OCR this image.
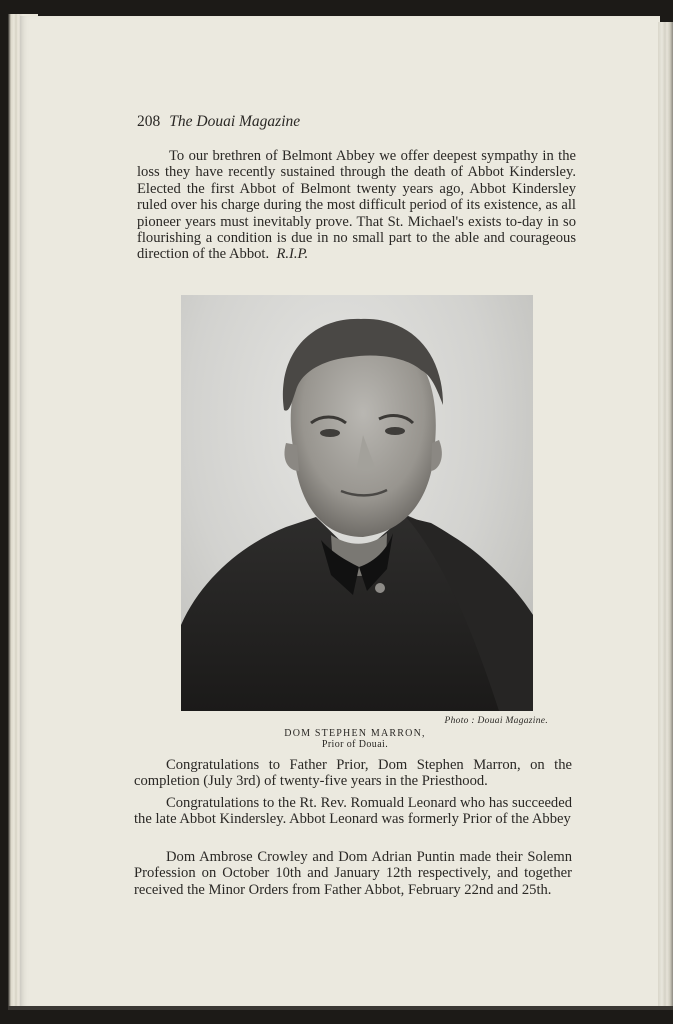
208 The Douai Magazine

To our brethren of Belmont Abbey we offer deepest sympathy in the loss they have recently sustained through the death of Abbot Kindersley. Elected the first Abbot of Belmont twenty years ago, Abbot Kindersley ruled over his charge during the most difficult period of its existence, as all pioneer years must inevitably prove. That St. Michael's exists to-day in so flourishing a condition is due in no small part to the able and courageous direction of the Abbot. R.I.P.

Photo : Douai Magazine.
DOM STEPHEN MARRON,
Prior of Douai.

Congratulations to Father Prior, Dom Stephen Marron, on the completion (July 3rd) of twenty-five years in the Priesthood.

Congratulations to the Rt. Rev. Romuald Leonard who has succeeded the late Abbot Kindersley. Abbot Leonard was formerly Prior of the Abbey

Dom Ambrose Crowley and Dom Adrian Puntin made their Solemn Profession on October 10th and January 12th respectively, and together received the Minor Orders from Father Abbot, February 22nd and 25th.
